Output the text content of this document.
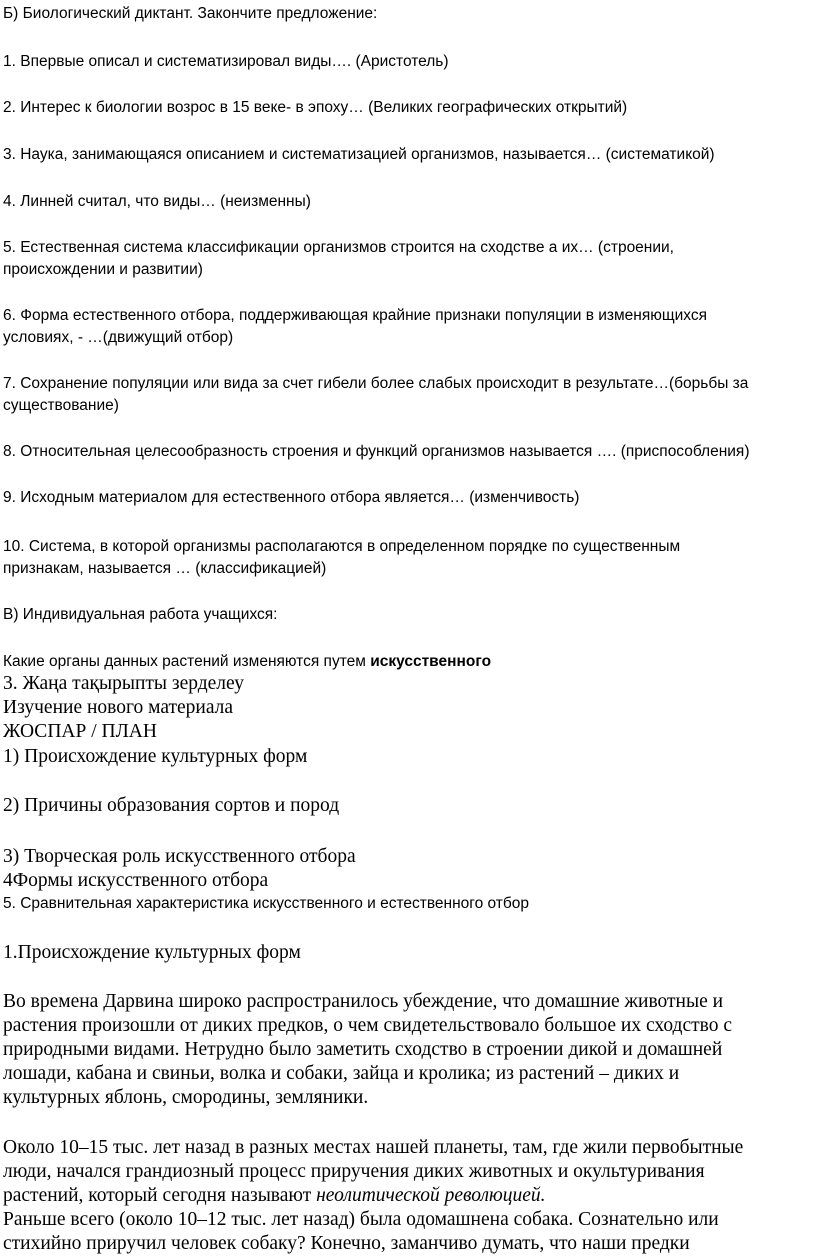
Б) Биологический диктант. Закончите предложение:

1. Впервые описал и систематизировал виды…. (Аристотель)

2. Интерес к биологии возрос в 15 веке- в эпоху… (Великих географических открытий)

3. Наука, занимающаяся описанием и систематизацией организмов, называется… (систематикой)

4. Линней считал, что виды… (неизменны)

5. Естественная система классификации организмов строится на сходстве а их… (строении,

происхождении и развитии)

6. Форма естественного отбора, поддерживающая крайние признаки популяции в изменяющихся

условиях, - …(движущий отбор)

7. Сохранение популяции или вида за счет гибели более слабых происходит в результате…(борьбы за

существование)

8. Относительная целесообразность строения и функций организмов называется …. (приспособления)

9. Исходным материалом для естественного отбора является… (изменчивость)

10. Система, в которой организмы располагаются в определенном порядке по существенным

признакам, называется … (классификацией)

В) Индивидуальная работа учащихся:

Какие органы данных растений изменяются путем искусственного

3. Жаңа тақырыпты зерделеу

Изучение нового материала

ЖОСПАР / ПЛАН

1) Происхождение культурных форм

2) Причины образования сортов и пород

3) Творческая роль искусственного отбора

4Формы искусственного отбора

5. Сравнительная характеристика искусственного и естественного отбор

1.Происхождение культурных форм

Во времена Дарвина широко распространилось убеждение, что домашние животные и
растения произошли от диких предков, о чем свидетельствовало большое их сходство с
природными видами. Нетрудно было заметить сходство в строении дикой и домашней
лошади, кабана и свиньи, волка и собаки, зайца и кролика; из растений – диких и
культурных яблонь, смородины, земляники.
Около 10–15 тыс. лет назад в разных местах нашей планеты, там, где жили первобытные
люди, начался грандиозный процесс приручения диких животных и окультуривания
растений, который сегодня называют неолитической революцией.
Раньше всего (около 10–12 тыс. лет назад) была одомашнена собака. Сознательно или
стихийно приручил человек собаку? Конечно, заманчиво думать, что наши предки
